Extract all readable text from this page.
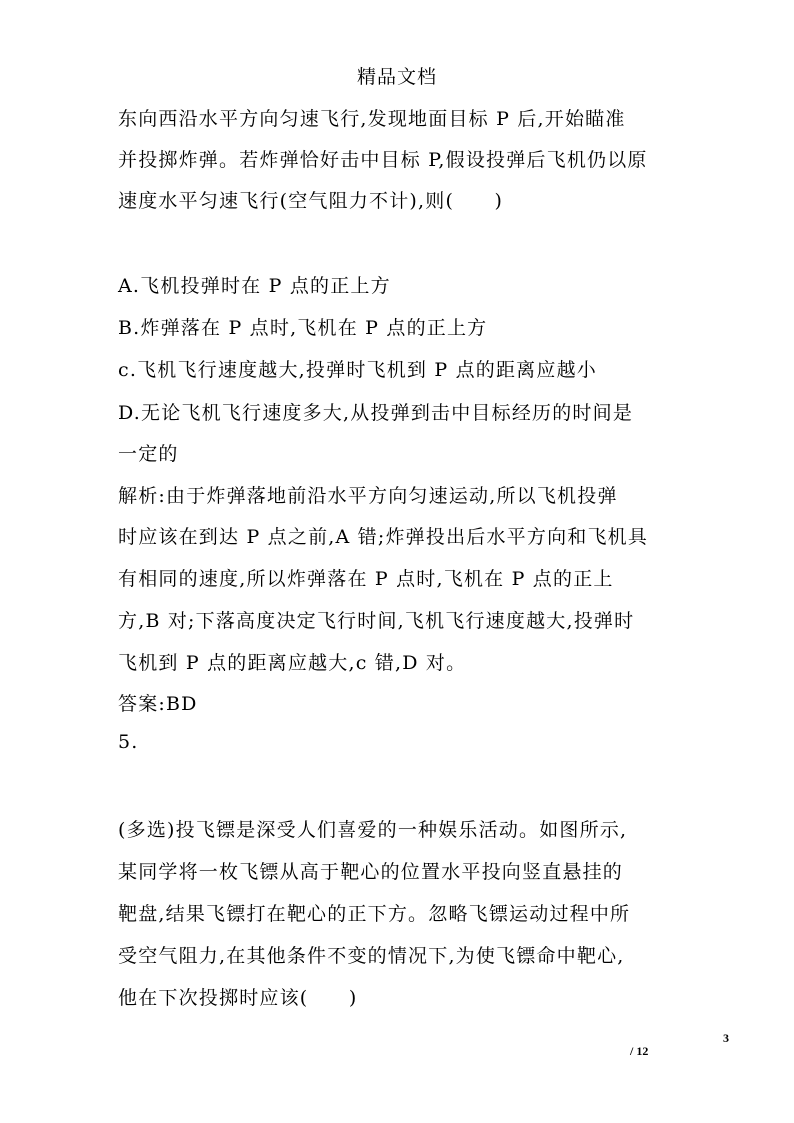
精品文档
东向西沿水平方向匀速飞行,发现地面目标 P 后,开始瞄准
并投掷炸弹。若炸弹恰好击中目标 P,假设投弹后飞机仍以原
速度水平匀速飞行(空气阻力不计),则(　　)
A.飞机投弹时在 P 点的正上方
B.炸弹落在 P 点时,飞机在 P 点的正上方
c.飞机飞行速度越大,投弹时飞机到 P 点的距离应越小
D.无论飞机飞行速度多大,从投弹到击中目标经历的时间是
一定的
解析:由于炸弹落地前沿水平方向匀速运动,所以飞机投弹
时应该在到达 P 点之前,A 错;炸弹投出后水平方向和飞机具
有相同的速度,所以炸弹落在 P 点时,飞机在 P 点的正上
方,B 对;下落高度决定飞行时间,飞机飞行速度越大,投弹时
飞机到 P 点的距离应越大,c 错,D 对。
答案:BD
5.
(多选)投飞镖是深受人们喜爱的一种娱乐活动。如图所示,
某同学将一枚飞镖从高于靶心的位置水平投向竖直悬挂的
靶盘,结果飞镖打在靶心的正下方。忽略飞镖运动过程中所
受空气阻力,在其他条件不变的情况下,为使飞镖命中靶心,
他在下次投掷时应该(　　)
3
/ 12
